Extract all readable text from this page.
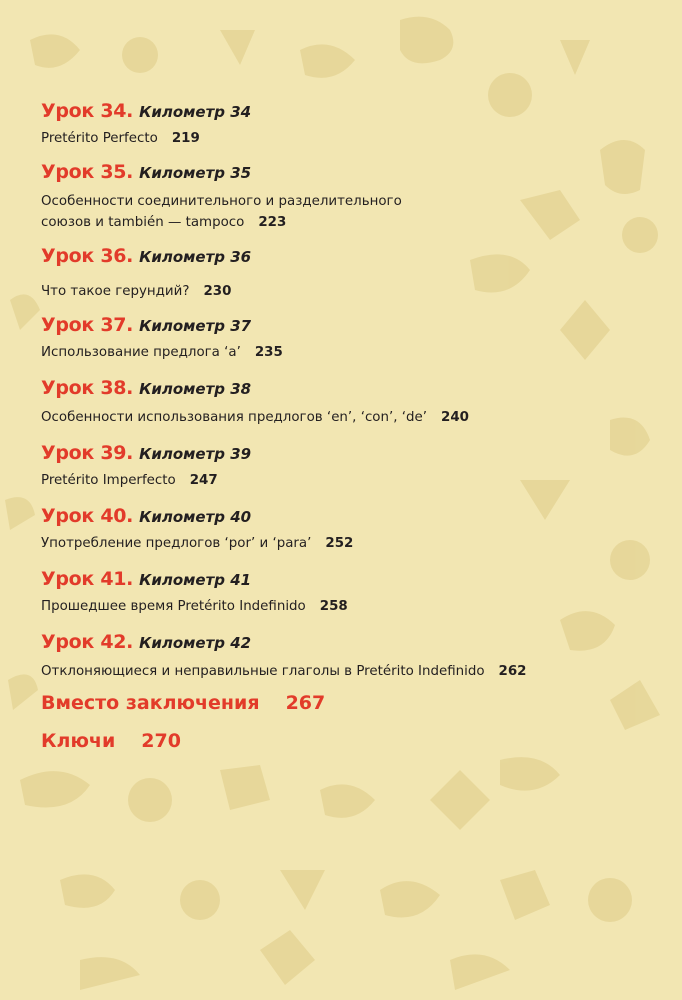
Урок 34. Километр 34
Pretérito Perfecto 219
Урок 35. Километр 35
Особенности соединительного и разделительного
союзов и también — tampoco 223
Урок 36. Километр 36
Что такое герундий? 230
Урок 37. Километр 37
Использование предлога ‘a’ 235
Урок 38. Километр 38
Особенности использования предлогов ‘en’, ‘con’, ‘de’ 240
Урок 39. Километр 39
Pretérito Imperfecto 247
Урок 40. Километр 40
Употребление предлогов ‘por’ и ‘para’ 252
Урок 41. Километр 41
Прошедшее время Pretérito Indefinido 258
Урок 42. Километр 42
Отклоняющиеся и неправильные глаголы в Pretérito Indefinido 262
Вместо заключения 267
Ключи 270
